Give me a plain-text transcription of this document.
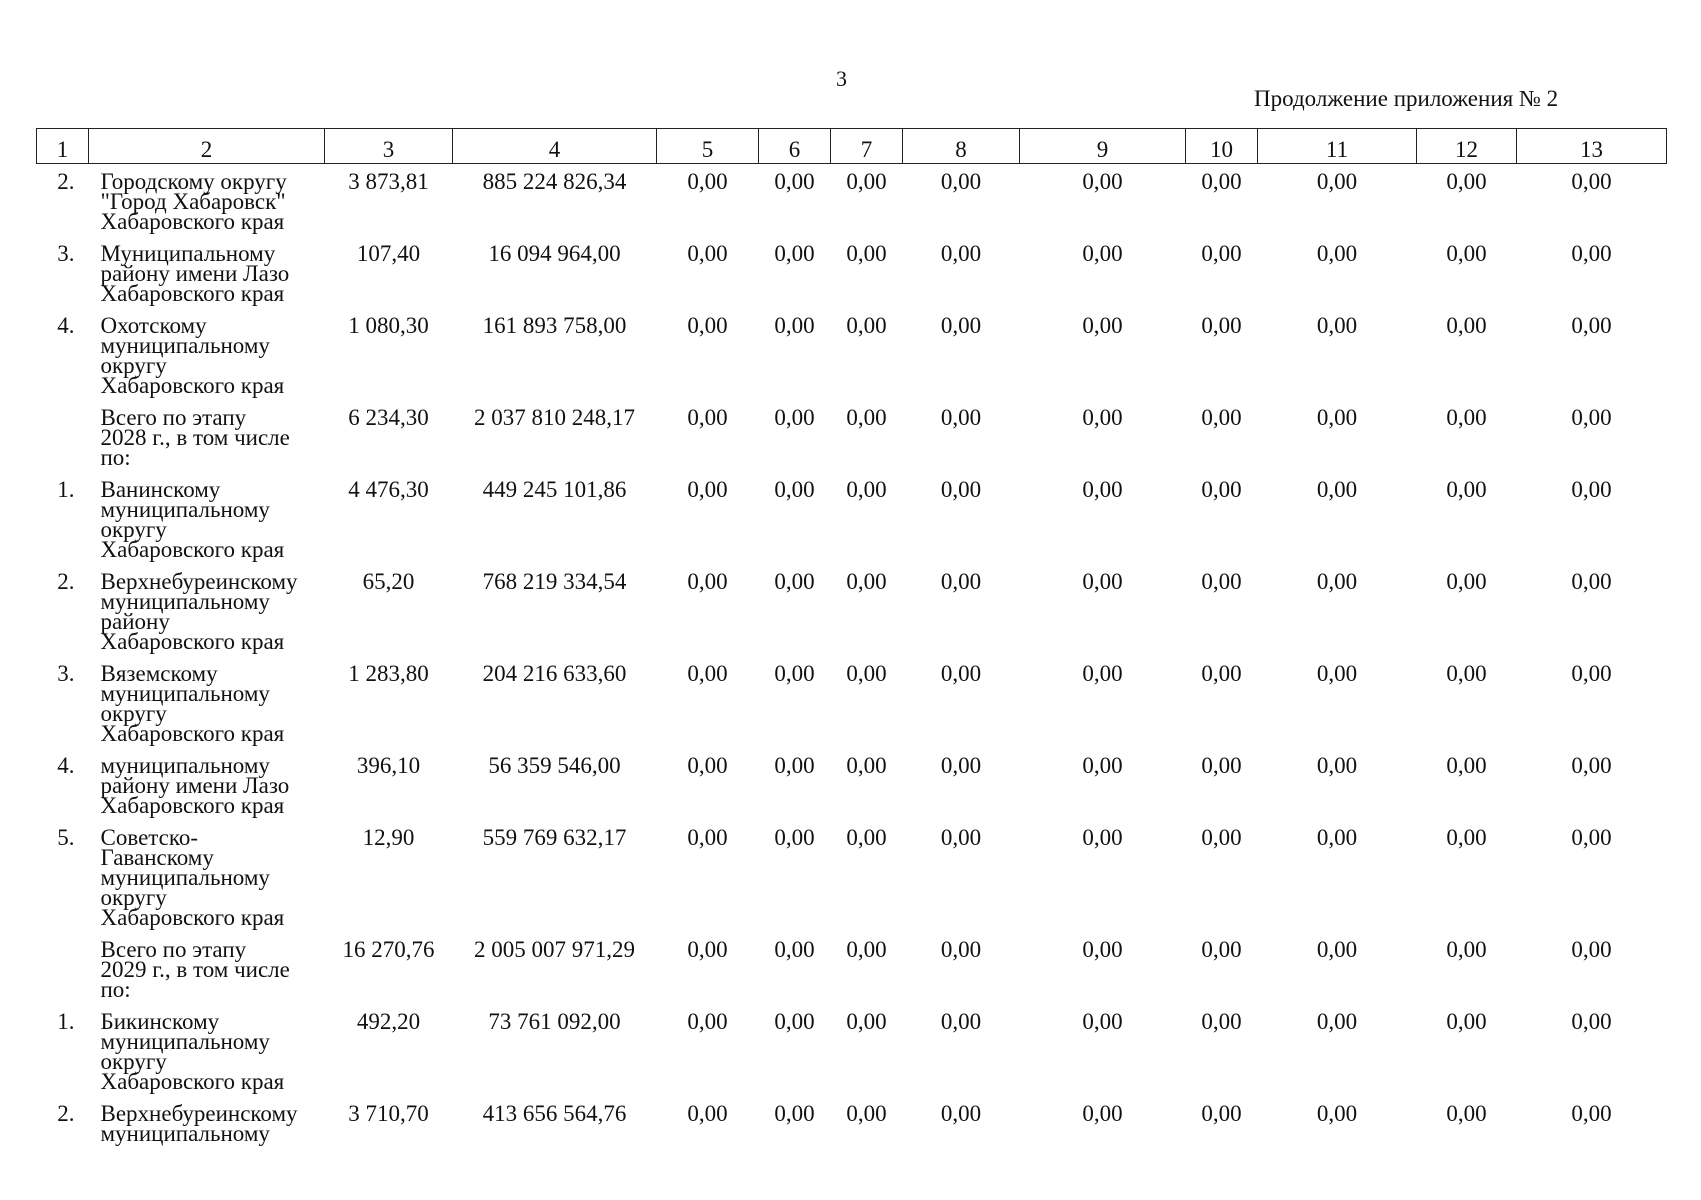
3
Продолжение приложения № 2
1	2	3	4	5	6	7	8	9	10	11	12	13
2.	Городскому округу
"Город Хабаровск"
Хабаровского края	3 873,81	885 224 826,34	0,00	0,00	0,00	0,00	0,00	0,00	0,00	0,00	0,00
3.	Муниципальному
району имени Лазо
Хабаровского края	107,40	16 094 964,00	0,00	0,00	0,00	0,00	0,00	0,00	0,00	0,00	0,00
4.	Охотскому
муниципальному
округу
Хабаровского края	1 080,30	161 893 758,00	0,00	0,00	0,00	0,00	0,00	0,00	0,00	0,00	0,00
	Всего по этапу
2028 г., в том числе
по:	6 234,30	2 037 810 248,17	0,00	0,00	0,00	0,00	0,00	0,00	0,00	0,00	0,00
1.	Ванинскому
муниципальному
округу
Хабаровского края	4 476,30	449 245 101,86	0,00	0,00	0,00	0,00	0,00	0,00	0,00	0,00	0,00
2.	Верхнебуреинскому
муниципальному
району
Хабаровского края	65,20	768 219 334,54	0,00	0,00	0,00	0,00	0,00	0,00	0,00	0,00	0,00
3.	Вяземскому
муниципальному
округу
Хабаровского края	1 283,80	204 216 633,60	0,00	0,00	0,00	0,00	0,00	0,00	0,00	0,00	0,00
4.	муниципальному
району имени Лазо
Хабаровского края	396,10	56 359 546,00	0,00	0,00	0,00	0,00	0,00	0,00	0,00	0,00	0,00
5.	Советско-
Гаванскому
муниципальному
округу
Хабаровского края	12,90	559 769 632,17	0,00	0,00	0,00	0,00	0,00	0,00	0,00	0,00	0,00
	Всего по этапу
2029 г., в том числе
по:	16 270,76	2 005 007 971,29	0,00	0,00	0,00	0,00	0,00	0,00	0,00	0,00	0,00
1.	Бикинскому
муниципальному
округу
Хабаровского края	492,20	73 761 092,00	0,00	0,00	0,00	0,00	0,00	0,00	0,00	0,00	0,00
2.	Верхнебуреинскому
муниципальному	3 710,70	413 656 564,76	0,00	0,00	0,00	0,00	0,00	0,00	0,00	0,00	0,00
